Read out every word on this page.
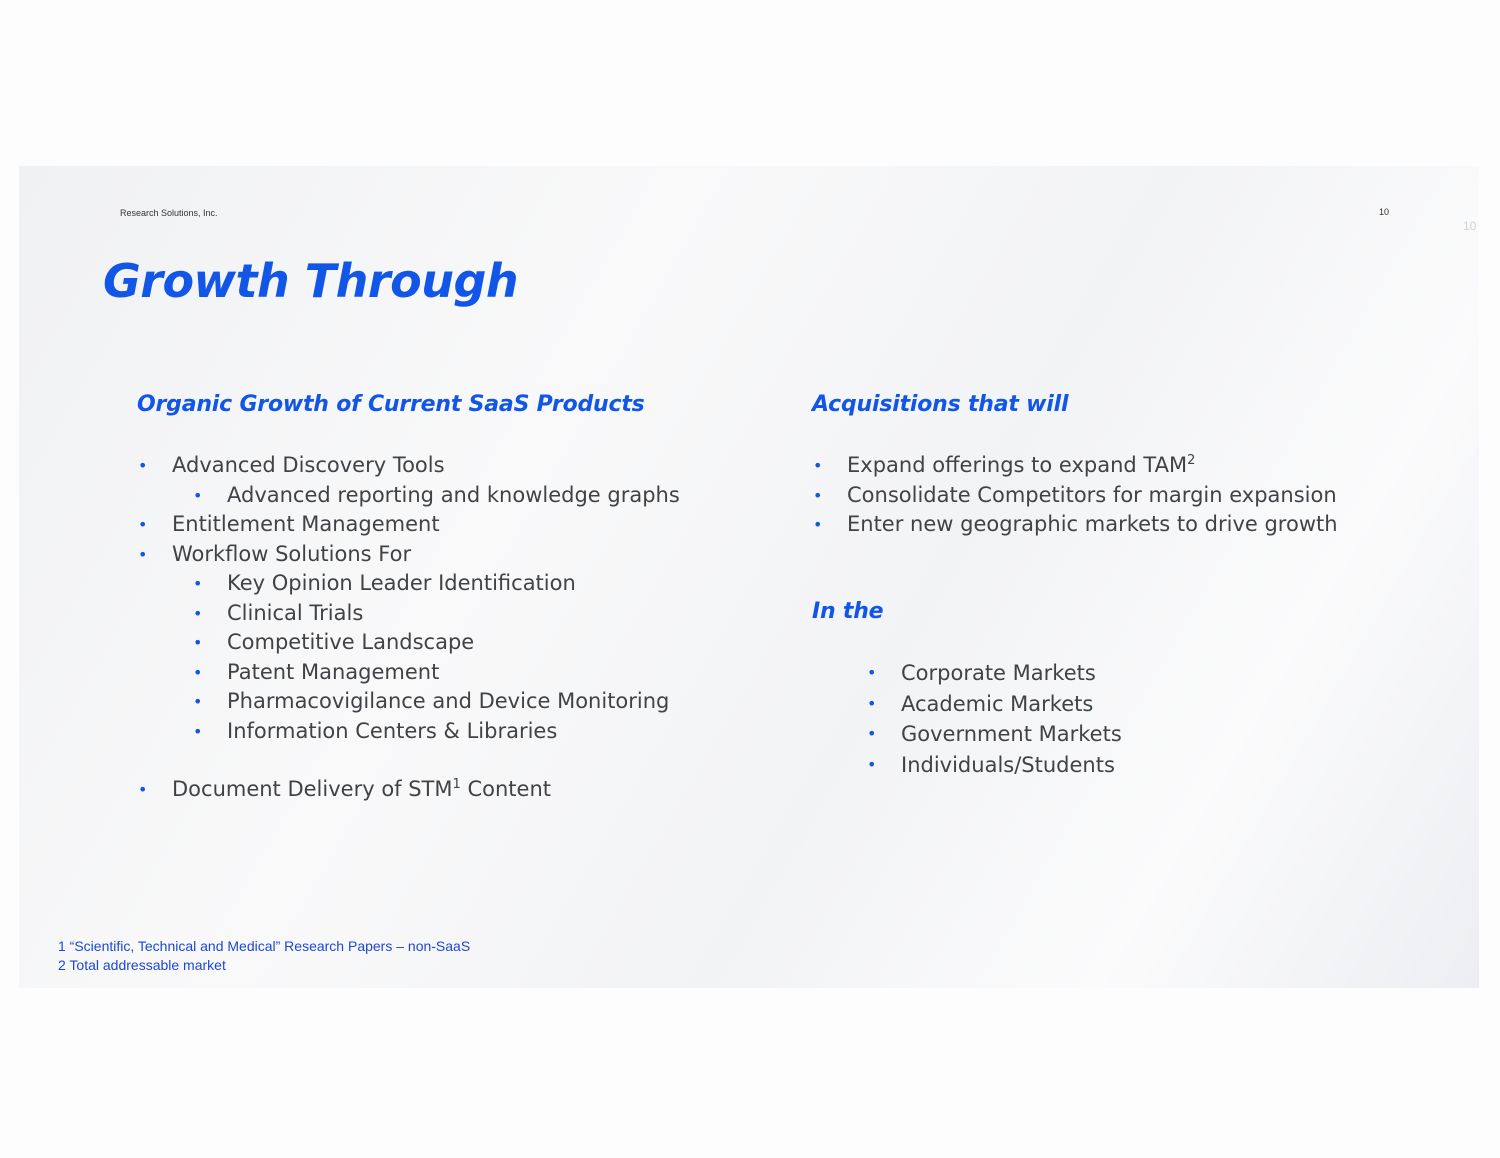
Research Solutions, Inc.	10
10
Growth Through
Organic Growth of Current SaaS Products
• Advanced Discovery Tools
• Advanced reporting and knowledge graphs
• Entitlement Management
• Workflow Solutions For
• Key Opinion Leader Identification
• Clinical Trials
• Competitive Landscape
• Patent Management
• Pharmacovigilance and Device Monitoring
• Information Centers & Libraries
• Document Delivery of STM$^1$ Content
Acquisitions that will
• Expand offerings to expand TAM$^2$
• Consolidate Competitors for margin expansion
• Enter new geographic markets to drive growth
In the
• Corporate Markets
• Academic Markets
• Government Markets
• Individuals/Students
1 “Scientific, Technical and Medical” Research Papers – non-SaaS
2 Total addressable market
